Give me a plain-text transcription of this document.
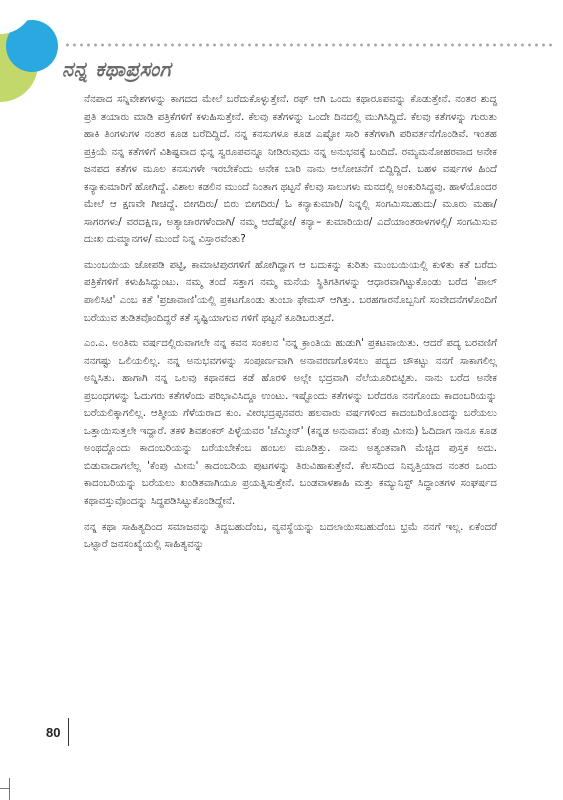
ನನ್ನ ಕಥಾಪ್ರಸಂಗ

ನೆನಪಾದ ಸನ್ನಿವೇಶಗಳನ್ನು ಕಾಗದದ ಮೇಲೆ ಬರೆದುಕೊಳ್ಳುತ್ತೇನೆ. ರಫ್ ಆಗಿ ಒಂದು ಕಥಾರೂಪವನ್ನು ಕೊಡುತ್ತೇನೆ. ನಂತರ ಶುದ್ಧ ಪ್ರತಿ ತಯಾರು ಮಾಡಿ ಪತ್ರಿಕೆಗಳಿಗೆ ಕಳುಹಿಸುತ್ತೇನೆ. ಕೆಲವು ಕತೆಗಳನ್ನು ಒಂದೇ ದಿನದಲ್ಲಿ ಮುಗಿಸಿದ್ದಿದೆ. ಕೆಲವು ಕತೆಗಳನ್ನು ಗುರುತು ಹಾಕಿ ತಿಂಗಳುಗಳ ನಂತರ ಕೂಡ ಬರೆದಿದ್ದಿದೆ. ನನ್ನ ಕನಸುಗಳೂ ಕೂಡ ಎಷ್ಟೋ ಸಾರಿ ಕತೆಗಳಾಗಿ ಪರಿವರ್ತನೆಗೊಂಡಿವೆ. ಇಂತಹ ಪ್ರಕ್ರಿಯೆ ನನ್ನ ಕತೆಗಳಿಗೆ ವಿಶಿಷ್ಟವಾದ ಭಿನ್ನ ಸ್ವರೂಪವನ್ನೂ ನೀಡಿರುವುದು ನನ್ನ ಅನುಭವಕ್ಕೆ ಬಂದಿದೆ. ರಮ್ಯಮನೋಹರವಾದ ಅನೇಕ ಜನಪದ ಕತೆಗಳ ಮೂಲ ಕನಸುಗಳೇ ಇರಬೇಕೆಂದು ಅನೇಕ ಬಾರಿ ನಾನು ಆಲೋಚನೆಗೆ ಬಿದ್ದಿದ್ದಿದೆ. ಬಹಳ ವರ್ಷಗಳ ಹಿಂದೆ ಕನ್ಯಾಕುಮಾರಿಗೆ ಹೋಗಿದ್ದೆ. ವಿಶಾಲ ಕಡಲಿನ ಮುಂದೆ ನಿಂತಾಗ ಥಟ್ಟನೆ ಕೆಲವು ಸಾಲುಗಳು ಮನದಲ್ಲಿ ಅಂಕುರಿಸಿದ್ದವು. ಹಾಳೆಯೊಂದರ ಮೇಲೆ ಆ ಕ್ಷಣವೇ ಗೀಚಿದ್ದೆ. ಬೀಗದಿರು/ ಬಿರು ಬೀಗದಿರು/ ಓ ಕನ್ಯಾಕುಮಾರಿ/ ನಿನ್ನಲ್ಲಿ ಸಂಗಮಿಸಬಹುದು/ ಮೂರು ಮಹಾ/ ಸಾಗರಗಳು/ ವರದಕ್ಷಿಣ, ಅತ್ಯಾಚಾರಗಳೆಂದಾಗಿ/ ನಮ್ಮ ಆದೆಷ್ಟೋ/ ಕನ್ಯಾ– ಕುಮಾರಿಯರ/ ಎದೆಯಾಂತರಾಳಗಳಲ್ಲಿ/ ಸಂಗಮಿಸುವ ದುಃಖ ದುಮ್ಮಾನಗಳ/ ಮುಂದೆ ನಿನ್ನ ವಿಸ್ತಾರವೆಂತು?

ಮುಂಬಯಿಯ ಜೋಪಡಿ ಪಟ್ಟಿ, ಕಾಮಾಟಿಪುರಗಳಿಗೆ ಹೋಗಿದ್ದಾಗ ಆ ಬದುಕನ್ನು ಕುರಿತು ಮುಂಬಯಿಯಲ್ಲಿ ಕುಳಿತು ಕತೆ ಬರೆದು ಪತ್ರಿಕೆಗಳಿಗೆ ಕಳುಹಿಸಿದ್ದುಂಟು. ನಮ್ಮ ತಂದೆ ಸತ್ತಾಗ ನಮ್ಮ ಮನೆಯ ಸ್ಥಿತಿಗತಿಗಳನ್ನು ಆಧಾರವಾಗಿಟ್ಟುಕೊಂಡು ಬರೆದ 'ಪಾಲ್ ಪಾಲಿಸಿಟಿ' ಎಂಬ ಕತೆ 'ಪ್ರಜಾವಾಣಿ'ಯಲ್ಲಿ ಪ್ರಕಟಗೊಂಡು ತುಂಬಾ ಫೇಮಸ್ ಆಗಿತ್ತು. ಬರಹಗಾರನೊಬ್ಬನಿಗೆ ಸಂವೇದನೆಗಳೊಂದಿಗೆ ಬರೆಯುವ ತುಡಿತವೊಂದಿದ್ದರೆ ಕತೆ ಸೃಷ್ಟಿಯಾಗುವ ಗಳಿಗೆ ಥಟ್ಟನೆ ಕೂಡಿಬರುತ್ತದೆ.

ಎಂ.ಎ. ಅಂತಿಮ ವರ್ಷದಲ್ಲಿರುವಾಗಲೇ ನನ್ನ ಕವನ ಸಂಕಲನ 'ನನ್ನ ಕ್ರಾಂತಿಯ ಹುಡುಗಿ' ಪ್ರಕಟವಾಯಿತು. ಆದರೆ ಪದ್ಯ ಬರವಣಿಗೆ ನನಗಷ್ಟು ಒಲಿಯಲಿಲ್ಲ. ನನ್ನ ಅನುಭವಗಳನ್ನು ಸಂಪೂರ್ಣವಾಗಿ ಅನಾವರಣಗೊಳಿಸಲು ಪದ್ಯದ ಚೌಕಟ್ಟು ನನಗೆ ಸಾಕಾಗಲಿಲ್ಲ ಅನ್ನಿಸಿತು. ಹಾಗಾಗಿ ನನ್ನ ಒಲವು ಕಥಾನಕದ ಕಡೆ ಹೊರಳಿ ಅಲ್ಲೇ ಭದ್ರವಾಗಿ ನೆಲೆಯೂರಿಬಿಟ್ಟಿತು. ನಾನು ಬರೆದ ಅನೇಕ ಪ್ರಬಂಧಗಳನ್ನು ಓದುಗರು ಕತೆಗಳೆಂದು ಪರಿಭಾವಿಸಿದ್ದೂ ಉಂಟು. ಇಷ್ಟೊಂದು ಕತೆಗಳನ್ನು ಬರೆದರೂ ನನಗೊಂದು ಕಾದಂಬರಿಯನ್ನು ಬರೆಯಲಿಕ್ಕಾಗಲಿಲ್ಲ. ಆತ್ಮೀಯ ಗೆಳೆಯರಾದ ಕುಂ. ವೀರಭದ್ರಪ್ಪನವರು ಹಲವಾರು ವರ್ಷಗಳಿಂದ ಕಾದಂಬರಿಯೊಂದನ್ನು ಬರೆಯಲು ಒತ್ತಾಯಿಸುತ್ತಲೇ ಇದ್ದಾರೆ. ತಕಳಿ ಶಿವಶಂಕರ್ ಪಿಳ್ಳೆಯವರ 'ಚೆಮ್ಮೀನ್' (ಕನ್ನಡ ಅನುವಾದ: ಕೆಂಪು ಮೀನು) ಓದಿದಾಗ ನಾನೂ ಕೂಡ ಅಂಥದ್ದೊಂದು ಕಾದಂಬರಿಯನ್ನು ಬರೆಯಬೇಕೆಂಬ ಹಂಬಲ ಮೂಡಿತ್ತು. ನಾನು ಅತ್ಯಂತವಾಗಿ ಮೆಚ್ಚಿದ ಪುಸ್ತಕ ಅದು. ಬಿಡುವಾದಾಗಲೆಲ್ಲ 'ಕೆಂಪು ಮೀನು' ಕಾದಂಬರಿಯ ಪುಟಗಳನ್ನು ತಿರುವಿಹಾಕುತ್ತೇನೆ. ಕೆಲಸದಿಂದ ನಿವೃತ್ತಿಯಾದ ನಂತರ ಒಂದು ಕಾದಂಬರಿಯನ್ನು ಬರೆಯಲು ಖಂಡಿತವಾಗಿಯೂ ಪ್ರಯತ್ನಿಸುತ್ತೇನೆ. ಬಂಡವಾಳಶಾಹಿ ಮತ್ತು ಕಮ್ಯುನಿಸ್ಟ್ ಸಿದ್ಧಾಂತಗಳ ಸಂಘರ್ಷದ ಕಥಾವಸ್ತುವೊಂದನ್ನು ಸಿದ್ಧಪಡಿಸಿಟ್ಟುಕೊಂಡಿದ್ದೇನೆ.

ನನ್ನ ಕಥಾ ಸಾಹಿತ್ಯದಿಂದ ಸಮಾಜವನ್ನು ತಿದ್ದಬಹುದೆಂಬ, ವ್ಯವಸ್ಥೆಯನ್ನು ಬದಲಾಯಿಸಬಹುದೆಂಬ ಭ್ರಮೆ ನನಗೆ ಇಲ್ಲ. ಏಕೆಂದರೆ ಒಟ್ಟಾರೆ ಜನಸಂಖ್ಯೆಯಲ್ಲಿ ಸಾಹಿತ್ಯವನ್ನು

80
